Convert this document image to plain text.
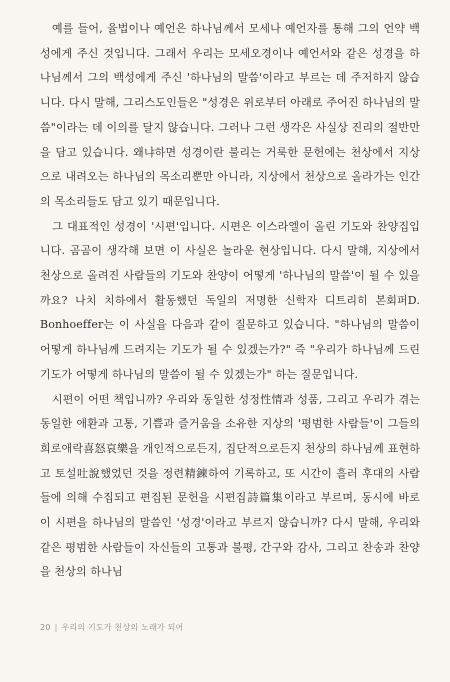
예를 들어, 율법이나 예언은 하나님께서 모세나 예언자를 통해 그의 언약 백성에게 주신 것입니다. 그래서 우리는 모세오경이나 예언서와 같은 성경을 하나님께서 그의 백성에게 주신 '하나님의 말씀'이라고 부르는 데 주저하지 않습니다. 다시 말해, 그리스도인들은 "성경은 위로부터 아래로 주어진 하나님의 말씀"이라는 데 이의를 달지 않습니다. 그러나 그런 생각은 사실상 진리의 절반만을 담고 있습니다. 왜냐하면 성경이란 불리는 거룩한 문헌에는 천상에서 지상으로 내려오는 하나님의 목소리뿐만 아니라, 지상에서 천상으로 올라가는 인간의 목소리들도 담고 있기 때문입니다.

그 대표적인 성경이 '시편'입니다. 시편은 이스라엘이 올린 기도와 찬양집입니다. 곰곰이 생각해 보면 이 사실은 놀라운 현상입니다. 다시 말해, 지상에서 천상으로 올려진 사람들의 기도와 찬양이 어떻게 '하나님의 말씀'이 될 수 있을까요? 나치 치하에서 활동했던 독일의 저명한 신학자 디트리히 본회퍼D. Bonhoeffer는 이 사실을 다음과 같이 질문하고 있습니다. "하나님의 말씀이 어떻게 하나님께 드려지는 기도가 될 수 있겠는가?" 즉 "우리가 하나님께 드린 기도가 어떻게 하나님의 말씀이 될 수 있겠는가" 하는 질문입니다.

시편이 어떤 책입니까? 우리와 동일한 성정性情과 성품, 그리고 우리가 겪는 동일한 애환과 고통, 기쁨과 즐거움을 소유한 지상의 '평범한 사람들'이 그들의 희로애락喜怒哀樂을 개인적으로든지, 집단적으로든지 천상의 하나님께 표현하고 토설吐說했었던 것을 정련精鍊하여 기록하고, 또 시간이 흘러 후대의 사람들에 의해 수집되고 편집된 문헌을 시편집詩篇集이라고 부르며, 동시에 바로 이 시편을 하나님의 말씀인 '성경'이라고 부르지 않습니까? 다시 말해, 우리와 같은 평범한 사람들이 자신들의 고통과 불평, 간구와 감사, 그리고 찬송과 찬양을 천상의 하나님

20 | 우리의 기도가 천상의 노래가 되어
